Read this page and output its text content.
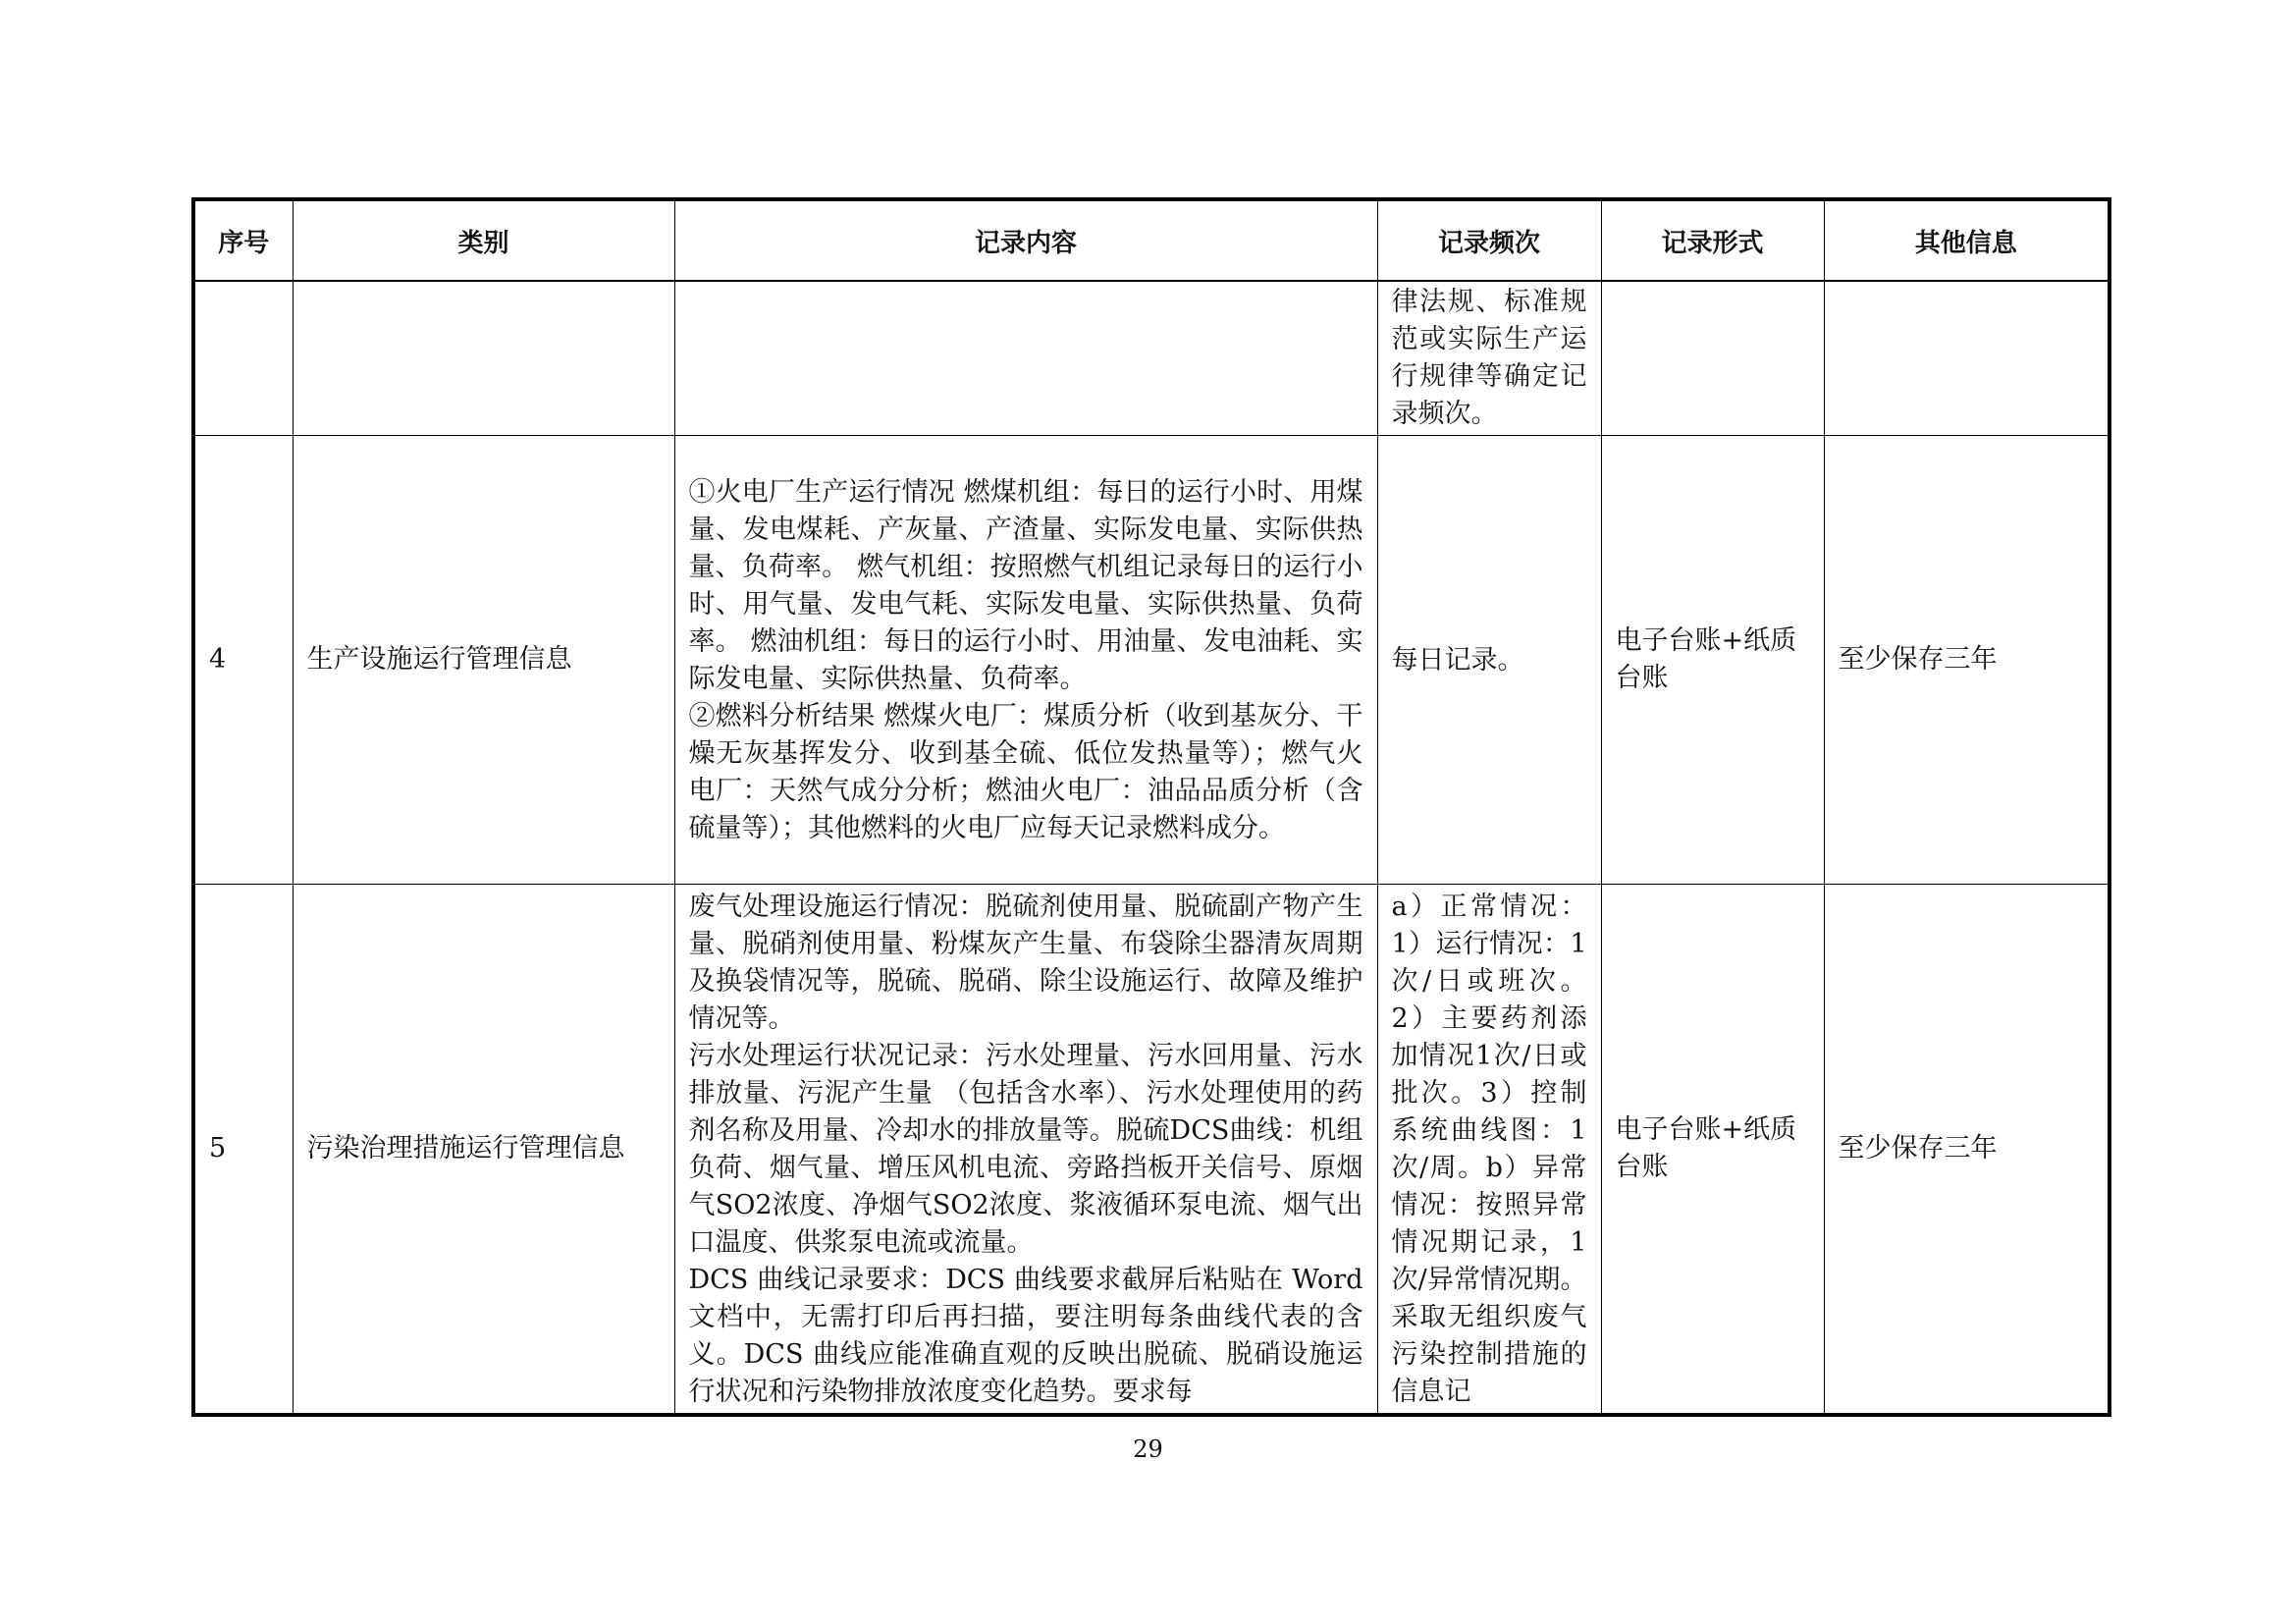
序号	类别	记录内容	记录频次	记录形式	其他信息

			律法规、标准规范或实际生产运行规律等确定记录频次。		

4	生产设施运行管理信息	①火电厂生产运行情况 燃煤机组：每日的运行小时、用煤量、发电煤耗、产灰量、产渣量、实际发电量、实际供热量、负荷率。 燃气机组：按照燃气机组记录每日的运行小时、用气量、发电气耗、实际发电量、实际供热量、负荷率。 燃油机组：每日的运行小时、用油量、发电油耗、实际发电量、实际供热量、负荷率。

②燃料分析结果 燃煤火电厂：煤质分析（收到基灰分、干燥无灰基挥发分、收到基全硫、低位发热量等）；燃气火电厂：天然气成分分析；燃油火电厂：油品品质分析（含硫量等）；其他燃料的火电厂应每天记录燃料成分。	每日记录。	电子台账+纸质台账	至少保存三年

5	污染治理措施运行管理信息	废气处理设施运行情况：脱硫剂使用量、脱硫副产物产生量、脱硝剂使用量、粉煤灰产生量、布袋除尘器清灰周期及换袋情况等，脱硫、脱硝、除尘设施运行、故障及维护情况等。

污水处理运行状况记录：污水处理量、污水回用量、污水排放量、污泥产生量 （包括含水率）、污水处理使用的药剂名称及用量、冷却水的排放量等。脱硫DCS曲线：机组负荷、烟气量、增压风机电流、旁路挡板开关信号、原烟气SO2浓度、净烟气SO2浓度、浆液循环泵电流、烟气出口温度、供浆泵电流或流量。

DCS 曲线记录要求：DCS 曲线要求截屏后粘贴在 Word 文档中，无需打印后再扫描，要注明每条曲线代表的含义。DCS 曲线应能准确直观的反映出脱硫、脱硝设施运行状况和污染物排放浓度变化趋势。要求每	a）正常情况：1）运行情况：1次/日或班次。2）主要药剂添加情况1次/日或批次。3）控制系统曲线图：1次/周。b）异常情况：按照异常情况期记录，1次/异常情况期。采取无组织废气污染控制措施的信息记	电子台账+纸质台账	至少保存三年
29
